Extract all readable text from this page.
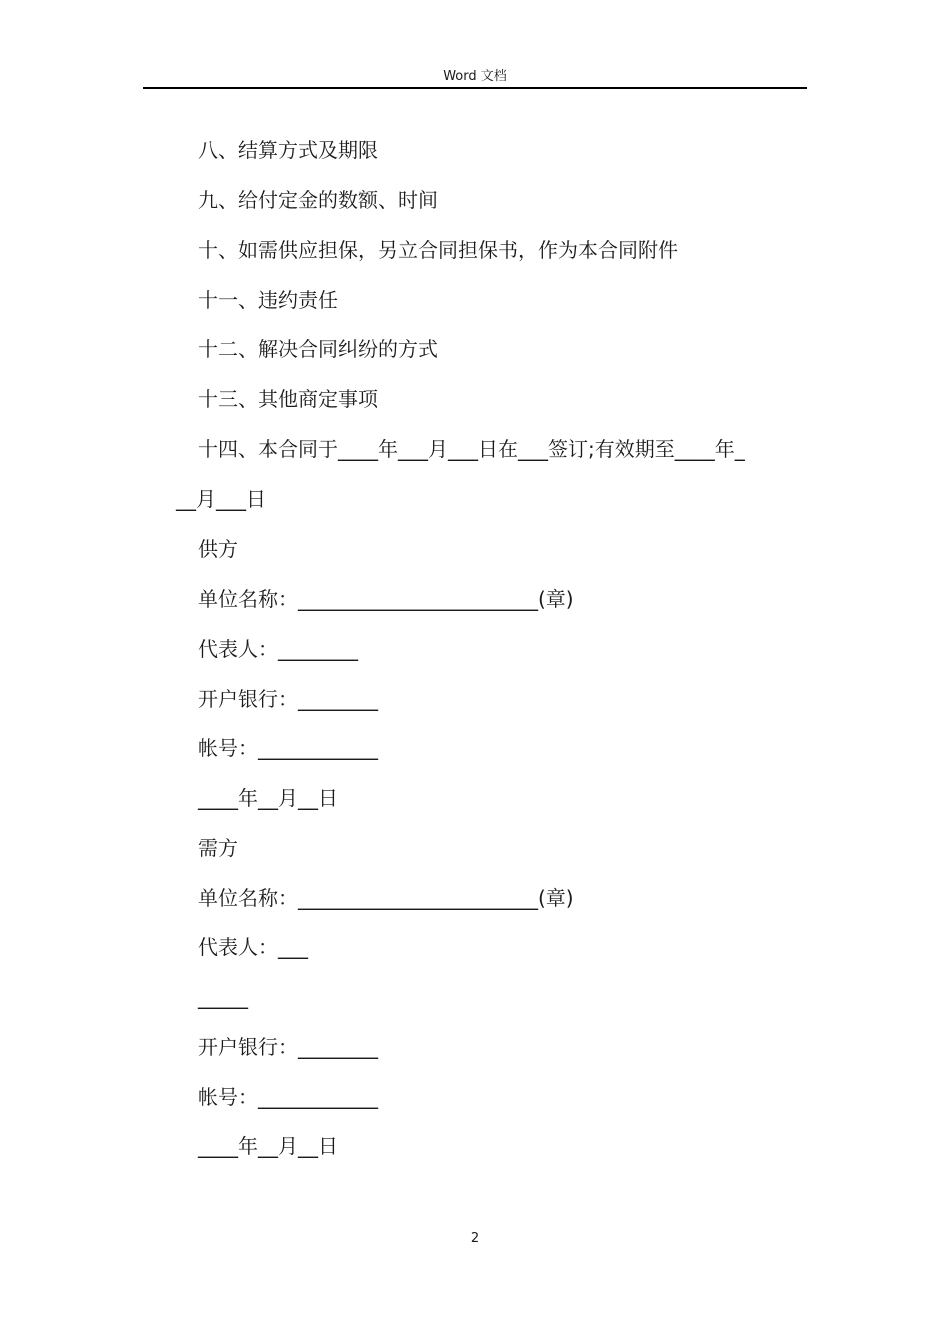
Word 文档
八、结算方式及期限
九、给付定金的数额、时间
十、如需供应担保，另立合同担保书，作为本合同附件
十一、违约责任
十二、解决合同纠纷的方式
十三、其他商定事项
十四、本合同于____年___月___日在___签订;有效期至____年_
__月___日
供方
单位名称：________________________(章)
代表人：________
开户银行：________
帐号：____________
____年__月__日
需方
单位名称：________________________(章)
代表人：___
_____
开户银行：________
帐号：____________
____年__月__日
2
